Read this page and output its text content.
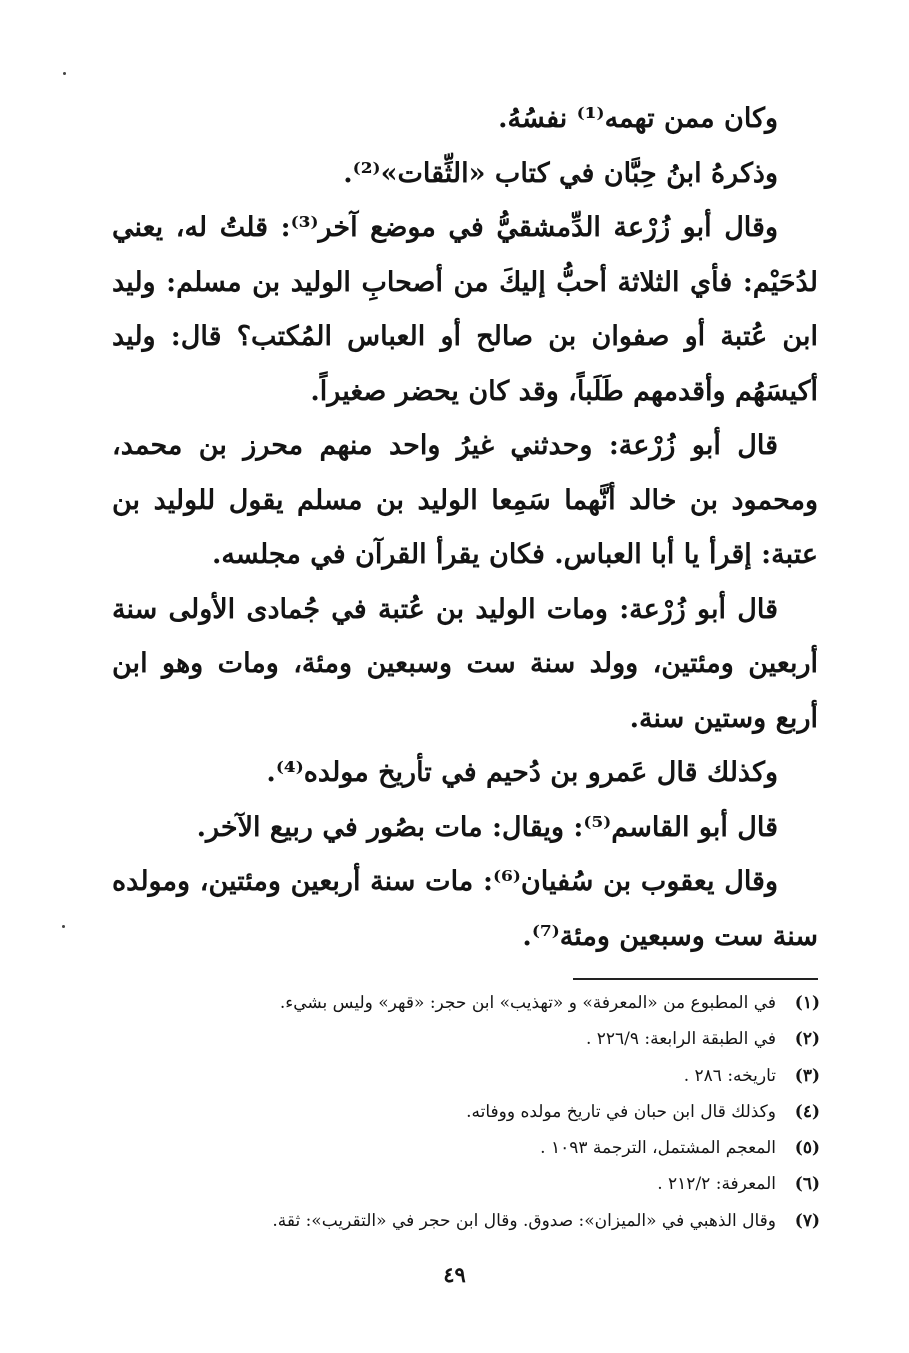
وكان ممن تهمه⁽¹⁾ نفسُهُ.

وذكرهُ ابنُ حِبَّان في كتاب «الثِّقات»⁽²⁾.

وقال أبو زُرْعة الدِّمشقيُّ في موضع آخر⁽³⁾: قلتُ له، يعني لدُحَيْم: فأي الثلاثة أحبُّ إليكَ من أصحابِ الوليد بن مسلم: وليد ابن عُتبة أو صفوان بن صالح أو العباس المُكتب؟ قال: وليد أكيسَهُم وأقدمهم طَلَباً، وقد كان يحضر صغيراً.

قال أبو زُرْعة: وحدثني غيرُ واحد منهم محرز بن محمد، ومحمود بن خالد أنَّهما سَمِعا الوليد بن مسلم يقول للوليد بن عتبة: إقرأ يا أبا العباس. فكان يقرأ القرآن في مجلسه.

قال أبو زُرْعة: ومات الوليد بن عُتبة في جُمادى الأولى سنة أربعين ومئتين، وولد سنة ست وسبعين ومئة، ومات وهو ابن أربع وستين سنة.

وكذلك قال عَمرو بن دُحيم في تأريخ مولده⁽⁴⁾.

قال أبو القاسم⁽⁵⁾: ويقال: مات بصُور في ربيع الآخر.

وقال يعقوب بن سُفيان⁽⁶⁾: مات سنة أربعين ومئتين، ومولده سنة ست وسبعين ومئة⁽⁷⁾.

(١)
في المطبوع من «المعرفة» و «تهذيب» ابن حجر: «قهر» وليس بشيء.
(٢)
في الطبقة الرابعة: ٢٢٦/٩ .
(٣)
تاريخه: ٢٨٦ .
(٤)
وكذلك قال ابن حبان في تاريخ مولده ووفاته.
(٥)
المعجم المشتمل، الترجمة ١٠٩٣ .
(٦)
المعرفة: ٢١٢/٢ .
(٧)
وقال الذهبي في «الميزان»: صدوق. وقال ابن حجر في «التقريب»: ثقة.
٤٩
